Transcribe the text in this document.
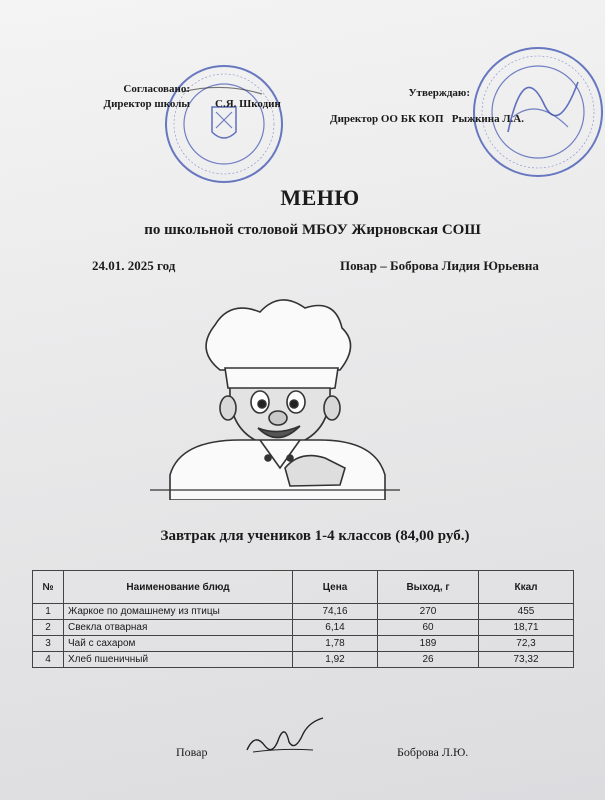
Согласовано:
Директор школы С.Я. Шкодин
Утверждаю:
Директор ОО БК КОП Рыжкина Л.А.
МЕНЮ
по школьной столовой МБОУ Жирновская СОШ
24.01. 2025 год	Повар – Боброва Лидия Юрьевна
Завтрак для учеников 1-4 классов (84,00 руб.)
№	Наименование блюд	Цена	Выход, г	Ккал
1	Жаркое по домашнему из птицы	74,16	270	455
2	Свекла отварная	6,14	60	18,71
3	Чай с сахаром	1,78	189	72,3
4	Хлеб пшеничный	1,92	26	73,32
Повар	Боброва Л.Ю.
